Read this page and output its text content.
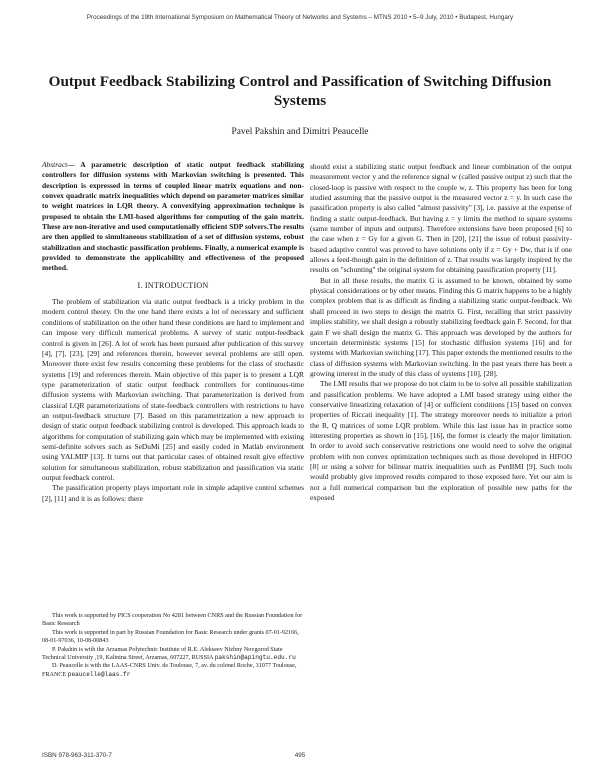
Proceedings of the 19th International Symposium on Mathematical Theory of Networks and Systems – MTNS 2010 • 5–9 July, 2010 • Budapest, Hungary
Output Feedback Stabilizing Control and Passification of Switching Diffusion Systems
Pavel Pakshin and Dimitri Peaucelle

Abstract— A parametric description of static output feedback stabilizing controllers for diffusion systems with Markovian switching is presented. This description is expressed in terms of coupled linear matrix equations and non-convex quadratic matrix inequalities which depend on parameter matrices similar to weight matrices in LQR theory. A convexifying approximation technique is proposed to obtain the LMI-based algorithms for computing of the gain matrix. These are non-iterative and used computationally efficient SDP solvers.The results are then applied to simultaneous stabilization of a set of diffusion systems, robust stabilization and stochastic passification problems. Finally, a numerical example is provided to demonstrate the applicability and effectiveness of the proposed method.

I. INTRODUCTION

The problem of stabilization via static output feedback is a tricky problem in the modern control theory. On the one hand there exists a lot of necessary and sufficient conditions of stabilization on the other hand these conditions are hard to implement and can impose very difficult numerical problems. A survey of static output-feedback control is given in [26]. A lot of work has been pursued after publication of this survey [4], [7], [23], [29] and references therein, however several problems are still open. Moreover there exist few results concerning these problems for the class of stochastic systems [19] and references therein. Main objective of this paper is to present a LQR type parameterization of static output feedback controllers for continuous-time diffusion systems with Markovian switching. That parameterization is derived from classical LQR parameterizations of state-feedback controllers with restrictions to have an output-feedback structure [7]. Based on this parametrization a new approach to design of static output feedback stabilizing control is developed. This approach leads to algorithms for computation of stabilizing gain which may be implemented with existing semi-definite solvers such as SeDuMi [25] and easily coded in Matlab environment using YALMIP [13]. It turns out that particular cases of obtained result give effective solution for simultaneous stabilization, robust stabilization and passification via static output feedback control.

The passification property plays important role in simple adaptive control schemes [2], [11] and it is as follows: there

should exist a stabilizing static output feedback and linear combination of the output measurement vector y and the reference signal w (called passive output z) such that the closed-loop is passive with respect to the couple w, z. This property has been for long studied assuming that the passive output is the measured vector z = y. In such case the passification property is also called "almost passivity" [3], i.e. passive at the expense of finding a static output-feedback. But having z = y limits the method to square systems (same number of inputs and outputs). Therefore extensions have been proposed [6] to the case when z = Gy for a given G. Then in [20], [21] the issue of robust passivity-based adaptive control was proved to have solutions only if z = Gy + Dw, that is if one allows a feed-though gain in the definition of z. That results was largely inspired by the results on "schunting" the original system for obtaining passification property [11].

But in all these results, the matrix G is assumed to be known, obtained by some physical considerations or by other means. Finding this G matrix happens to be a highly complex problem that is as difficult as finding a stabilizing static output-feedback. We shall proceed in two steps to design the matrix G. First, recalling that strict passivity implies stability, we shall design a robustly stabilizing feedback gain F. Second, for that gain F we shall design the matrix G. This approach was developed by the authors for uncertain deterministic systems [15] for stochastic diffusion systems [16] and for systems with Markovian switching [17]. This paper extends the mentioned results to the class of diffusion systems with Markovian switching. In the past years there has been a growing interest in the study of this class of systems [10], [28].

The LMI results that we propose do not claim to be to solve all possible stabilization and passification problems. We have adopted a LMI based strategy using either the conservative linearizing relaxation of [4] or sufficient conditions [15] based on convex properties of Riccati inequality [1]. The strategy moreover needs to initialize a priori the R, Q matrices of some LQR problem. While this last issue has in practice some interesting properties as shown in [15], [16], the former is clearly the major limitation. In order to avoid such conservative restrictions one would need to solve the original problem with non convex optimization techniques such as those developed in HIFOO [8] or using a solver for bilinear matrix inequalities such as PenBMI [9]. Such tools would probably give improved results compared to those exposed here. Yet our aim is not a full numerical comparison but the exploration of possible new paths for the exposed

This work is supported by PICS cooperation No 4281 between CNRS and the Russian Foundation for Basic Research

This work is supported in part by Russian Foundation for Basic Research under grants 07-01-92166, 08-01-97036, 10-08-00843

P. Pakshin is with the Arzamas Polytechnic Institute of R.E. Alekseev Nizhny Novgorod State Technical University ,19, Kalinina Street, Arzamas, 607227, RUSSIA pakshin@apingtu.edu.ru

D. Peaucelle is with the LAAS-CNRS Univ. de Toulouse, 7, av. du colonel Roche, 31077 Toulouse, FRANCE peaucelle@laas.fr

ISBN 978-963-311-370-7	495
